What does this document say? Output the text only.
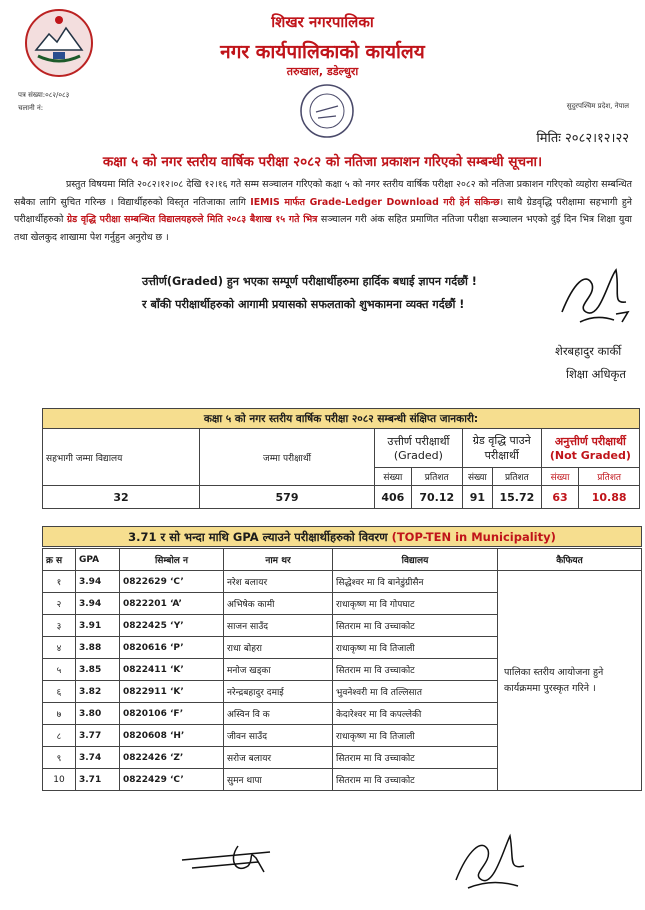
शिखर नगरपालिका
नगर कार्यपालिकाको कार्यालय
तरुखाल, डडेल्धुरा
पत्र संख्या:०८२/०८३
चलानी नं:	सुदुरपश्चिम प्रदेश, नेपाल
मितिः २०८२।१२।२२
कक्षा ५ को नगर स्तरीय वार्षिक परीक्षा २०८२ को नतिजा प्रकाशन गरिएको सम्बन्धी सूचना।
प्रस्तुत विषयमा मिति २०८२।१२।०८ देखि १२।१६ गते सम्म सञ्चालन गरिएको कक्षा ५ को नगर स्तरीय वार्षिक परीक्षा २०८२ को नतिजा प्रकाशन गरिएको व्यहोरा सम्बन्धित सबैका लागि सुचित गरिन्छ । विद्यार्थीहरुको विस्तृत नतिजाका लागि IEMIS मार्फत Grade-Ledger Download गरी हेर्न सकिन्छ। साथै ग्रेडवृद्धि परीक्षामा सहभागी हुने परीक्षार्थीहरुको ग्रेड वृद्धि परीक्षा सम्बन्धित विद्यालयहरुले मिति २०८३ बैशाख १५ गते भित्र सञ्चालन गरी अंक सहित प्रमाणित नतिजा परीक्षा सञ्चालन भएको दुई दिन भित्र शिक्षा युवा तथा खेलकुद शाखामा पेश गर्नुहुन अनुरोध छ ।
उत्तीर्ण(Graded) हुन भएका सम्पूर्ण परीक्षार्थीहरुमा हार्दिक बधाई ज्ञापन गर्दछौं !
र बाँकी परीक्षार्थीहरुको आगामी प्रयासको सफलताको शुभकामना व्यक्त गर्दछौं !
शेरबहादुर कार्की
शिक्षा अधिकृत
कक्षा ५ को नगर स्तरीय वार्षिक परीक्षा २०८२ सम्बन्धी संक्षिप्त जानकारी:							
सहभागी जम्मा विद्यालय	जम्मा परीक्षार्थी	उत्तीर्ण परीक्षार्थी (Graded)		ग्रेड वृद्धि पाउने परीक्षार्थी		अनुत्तीर्ण परीक्षार्थी (Not Graded)	
		संख्या	प्रतिशत	संख्या	प्रतिशत	संख्या	प्रतिशत
32	579	406	70.12	91	15.72	63	10.88
3.71 र सो भन्दा माथि GPA ल्याउने परीक्षार्थीहरुको विवरण (TOP-TEN in Municipality)
क्र स	GPA	सिम्बोल न	नाम थर	विद्यालय	कैफियत
१	3.94	0822629 ‘C’	नरेश बलायर	सिद्धेश्वर मा वि बानेडुंग्रीसैन	पालिका स्तरीय आयोजना हुने कार्यक्रममा पुरस्कृत गरिने ।
२	3.94	0822201 ‘A’	अभिषेक कामी	राधाकृष्ण मा वि गोपघाट	
३	3.91	0822425 ‘Y’	साजन साउँद	सितराम मा वि उच्चाकोट	
४	3.88	0820616 ‘P’	राधा बोहरा	राधाकृष्ण मा वि तिजाली	
५	3.85	0822411 ‘K’	मनोज खड्का	सितराम मा वि उच्चाकोट	
६	3.82	0822911 ‘K’	नरेन्द्रबहादुर दमाई	भुवनेश्वरी मा वि तल्लिसात	
७	3.80	0820106 ‘F’	अस्विन वि क	केदारेश्वर मा वि कपल्लेकी	
८	3.77	0820608 ‘H’	जीवन साउँद	राधाकृष्ण मा वि तिजाली	
९	3.74	0822426 ‘Z’	सरोज बलायर	सितराम मा वि उच्चाकोट	
10	3.71	0822429 ‘C’	सुमन थापा	सितराम मा वि उच्चाकोट	
